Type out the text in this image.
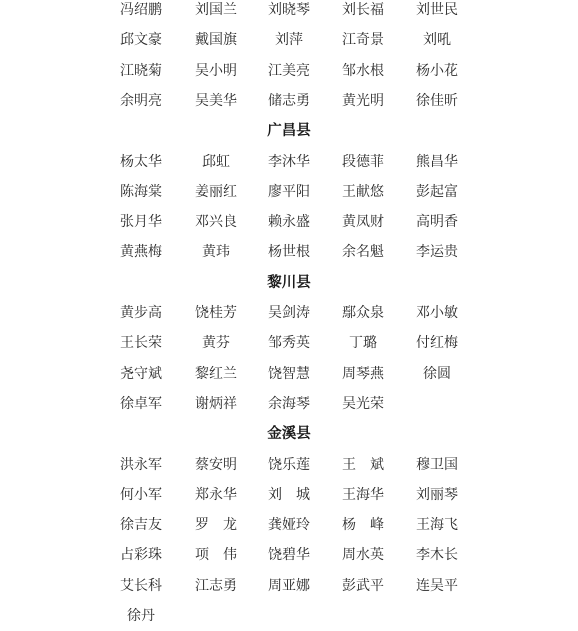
冯绍鹏 刘国兰 刘晓琴 刘长福 刘世民
邱文豪 戴国旗	刘萍	江奇景	刘吼
江晓菊 吴小明 江美亮 邹水根 杨小花
余明亮 吴美华 储志勇 黄光明 徐佳昕
广昌县
杨太华	邱虹	李沐华 段德菲 熊昌华
陈海棠 姜丽红 廖平阳 王献悠 彭起富
张月华 邓兴良 赖永盛 黄凤财 高明香
黄燕梅	黄玮	杨世根 余名魁 李运贵
黎川县
黄步高 饶桂芳 吴剑涛 鄢众泉 邓小敏
王长荣	黄芬	邹秀英	丁璐	付红梅
尧守斌 黎红兰 饶智慧 周琴燕	徐圆
徐卓军 谢炳祥 余海琴 吴光荣
金溪县
洪永军 蔡安明 饶乐莲 王　斌 穆卫国
何小军 郑永华 刘　城 王海华 刘丽琴
徐吉友 罗　龙 龚娅玲 杨　峰 王海飞
占彩珠 项　伟 饶碧华 周水英 李木长
艾长科 江志勇 周亚娜 彭武平 连吴平
徐丹
